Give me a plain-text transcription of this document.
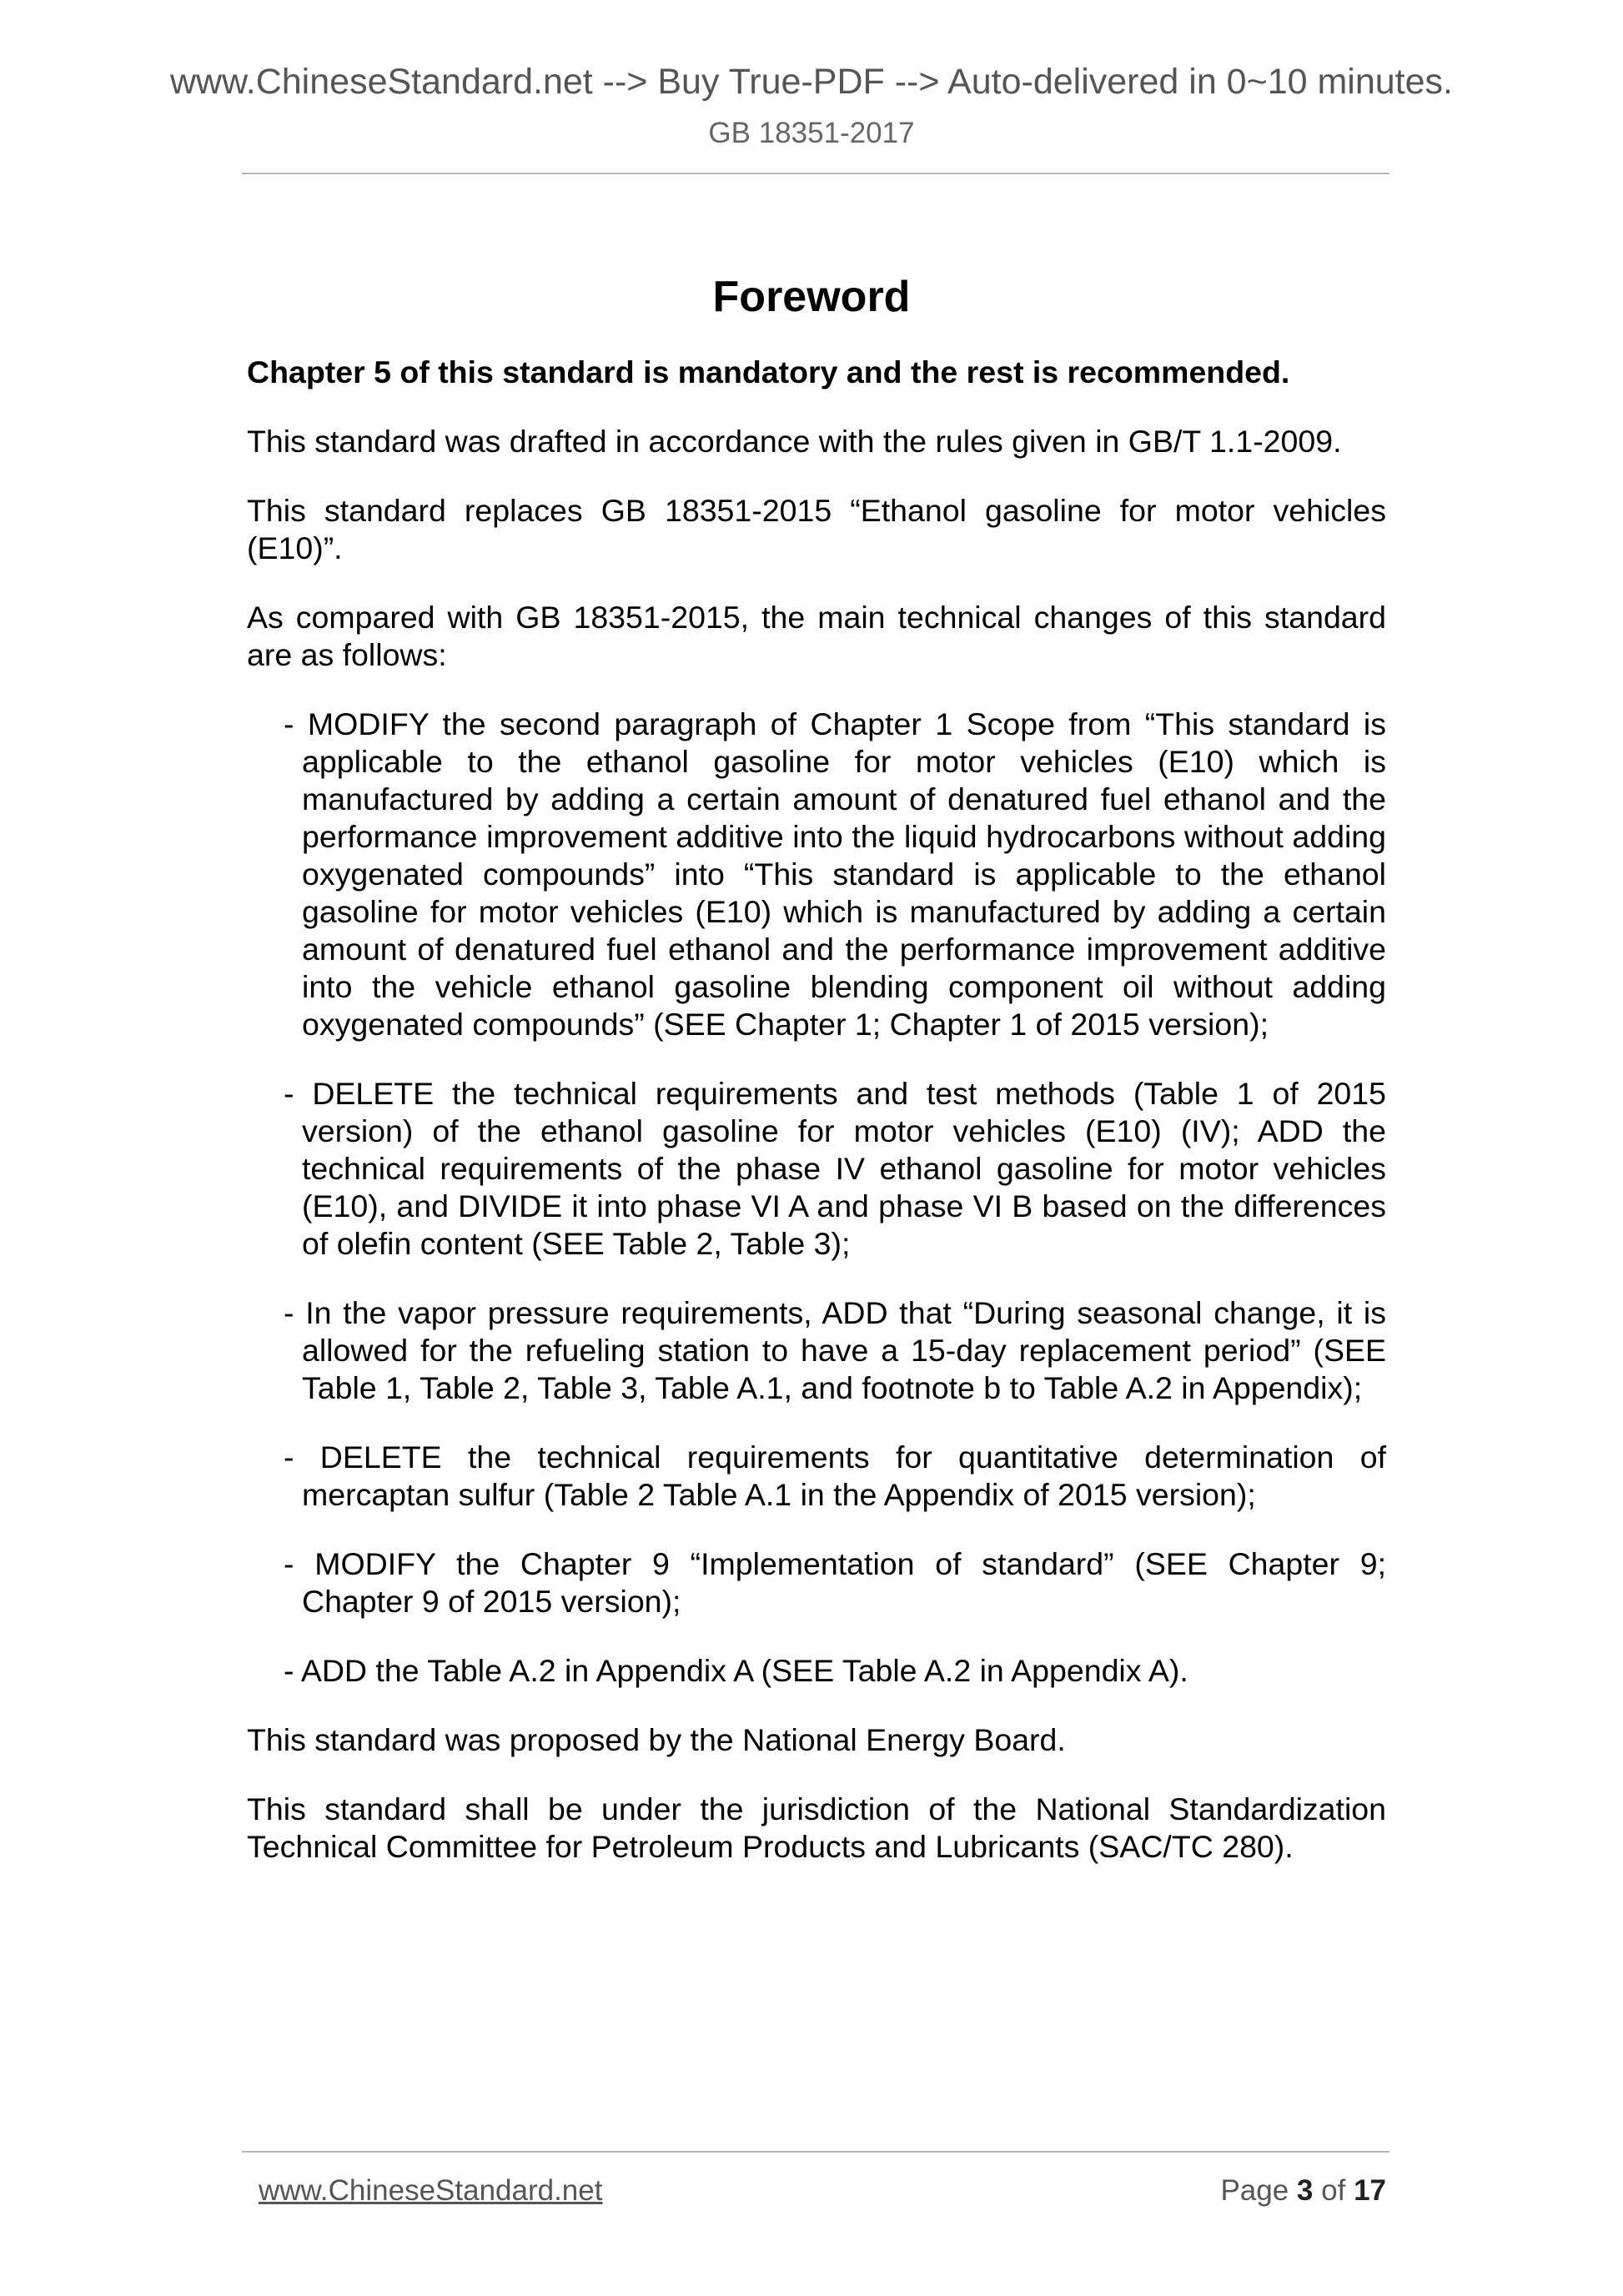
www.ChineseStandard.net --> Buy True-PDF --> Auto-delivered in 0~10 minutes.
GB 18351-2017
Foreword

Chapter 5 of this standard is mandatory and the rest is recommended.

This standard was drafted in accordance with the rules given in GB/T 1.1-2009.

This standard replaces GB 18351-2015 “Ethanol gasoline for motor vehicles (E10)”.

As compared with GB 18351-2015, the main technical changes of this standard are as follows:

- MODIFY the second paragraph of Chapter 1 Scope from “This standard is applicable to the ethanol gasoline for motor vehicles (E10) which is manufactured by adding a certain amount of denatured fuel ethanol and the performance improvement additive into the liquid hydrocarbons without adding oxygenated compounds” into “This standard is applicable to the ethanol gasoline for motor vehicles (E10) which is manufactured by adding a certain amount of denatured fuel ethanol and the performance improvement additive into the vehicle ethanol gasoline blending component oil without adding oxygenated compounds” (SEE Chapter 1; Chapter 1 of 2015 version);

- DELETE the technical requirements and test methods (Table 1 of 2015 version) of the ethanol gasoline for motor vehicles (E10) (IV); ADD the technical requirements of the phase IV ethanol gasoline for motor vehicles (E10), and DIVIDE it into phase VI A and phase VI B based on the differences of olefin content (SEE Table 2, Table 3);

- In the vapor pressure requirements, ADD that “During seasonal change, it is allowed for the refueling station to have a 15-day replacement period” (SEE Table 1, Table 2, Table 3, Table A.1, and footnote b to Table A.2 in Appendix);

- DELETE the technical requirements for quantitative determination of mercaptan sulfur (Table 2 Table A.1 in the Appendix of 2015 version);

- MODIFY the Chapter 9 “Implementation of standard” (SEE Chapter 9; Chapter 9 of 2015 version);

- ADD the Table A.2 in Appendix A (SEE Table A.2 in Appendix A).

This standard was proposed by the National Energy Board.

This standard shall be under the jurisdiction of the National Standardization Technical Committee for Petroleum Products and Lubricants (SAC/TC 280).

www.ChineseStandard.net	Page 3 of 17
